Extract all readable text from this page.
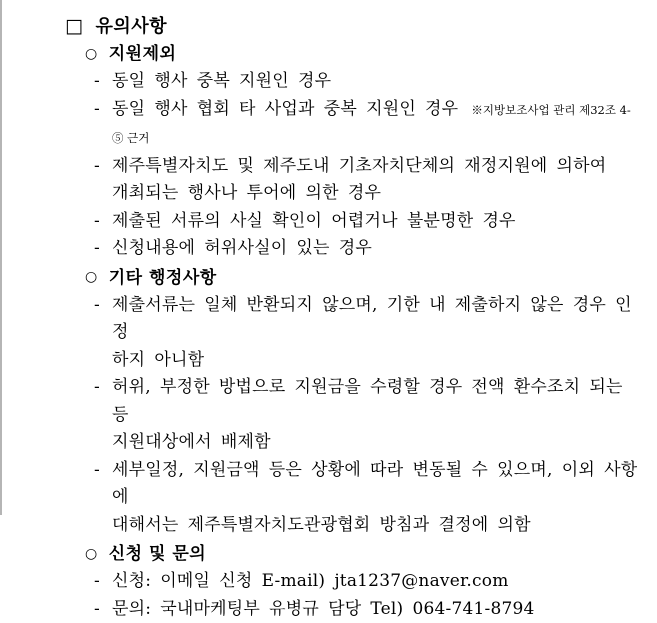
□ 유의사항
○ 지원제외
- 동일 행사 중복 지원인 경우
- 동일 행사 협회 타 사업과 중복 지원인 경우 ※지방보조사업 관리 제32조 4-⑤ 근거
- 제주특별자치도 및 제주도내 기초자치단체의 재정지원에 의하여
개최되는 행사나 투어에 의한 경우
- 제출된 서류의 사실 확인이 어렵거나 불분명한 경우
- 신청내용에 허위사실이 있는 경우
○ 기타 행정사항
- 제출서류는 일체 반환되지 않으며, 기한 내 제출하지 않은 경우 인정
하지 아니함
- 허위, 부정한 방법으로 지원금을 수령할 경우 전액 환수조치 되는 등
지원대상에서 배제함
- 세부일정, 지원금액 등은 상황에 따라 변동될 수 있으며, 이외 사항에
대해서는 제주특별자치도관광협회 방침과 결정에 의함
○ 신청 및 문의
- 신청: 이메일 신청 E-mail) jta1237@naver.com
- 문의: 국내마케팅부 유병규 담당 Tel) 064-741-8794
